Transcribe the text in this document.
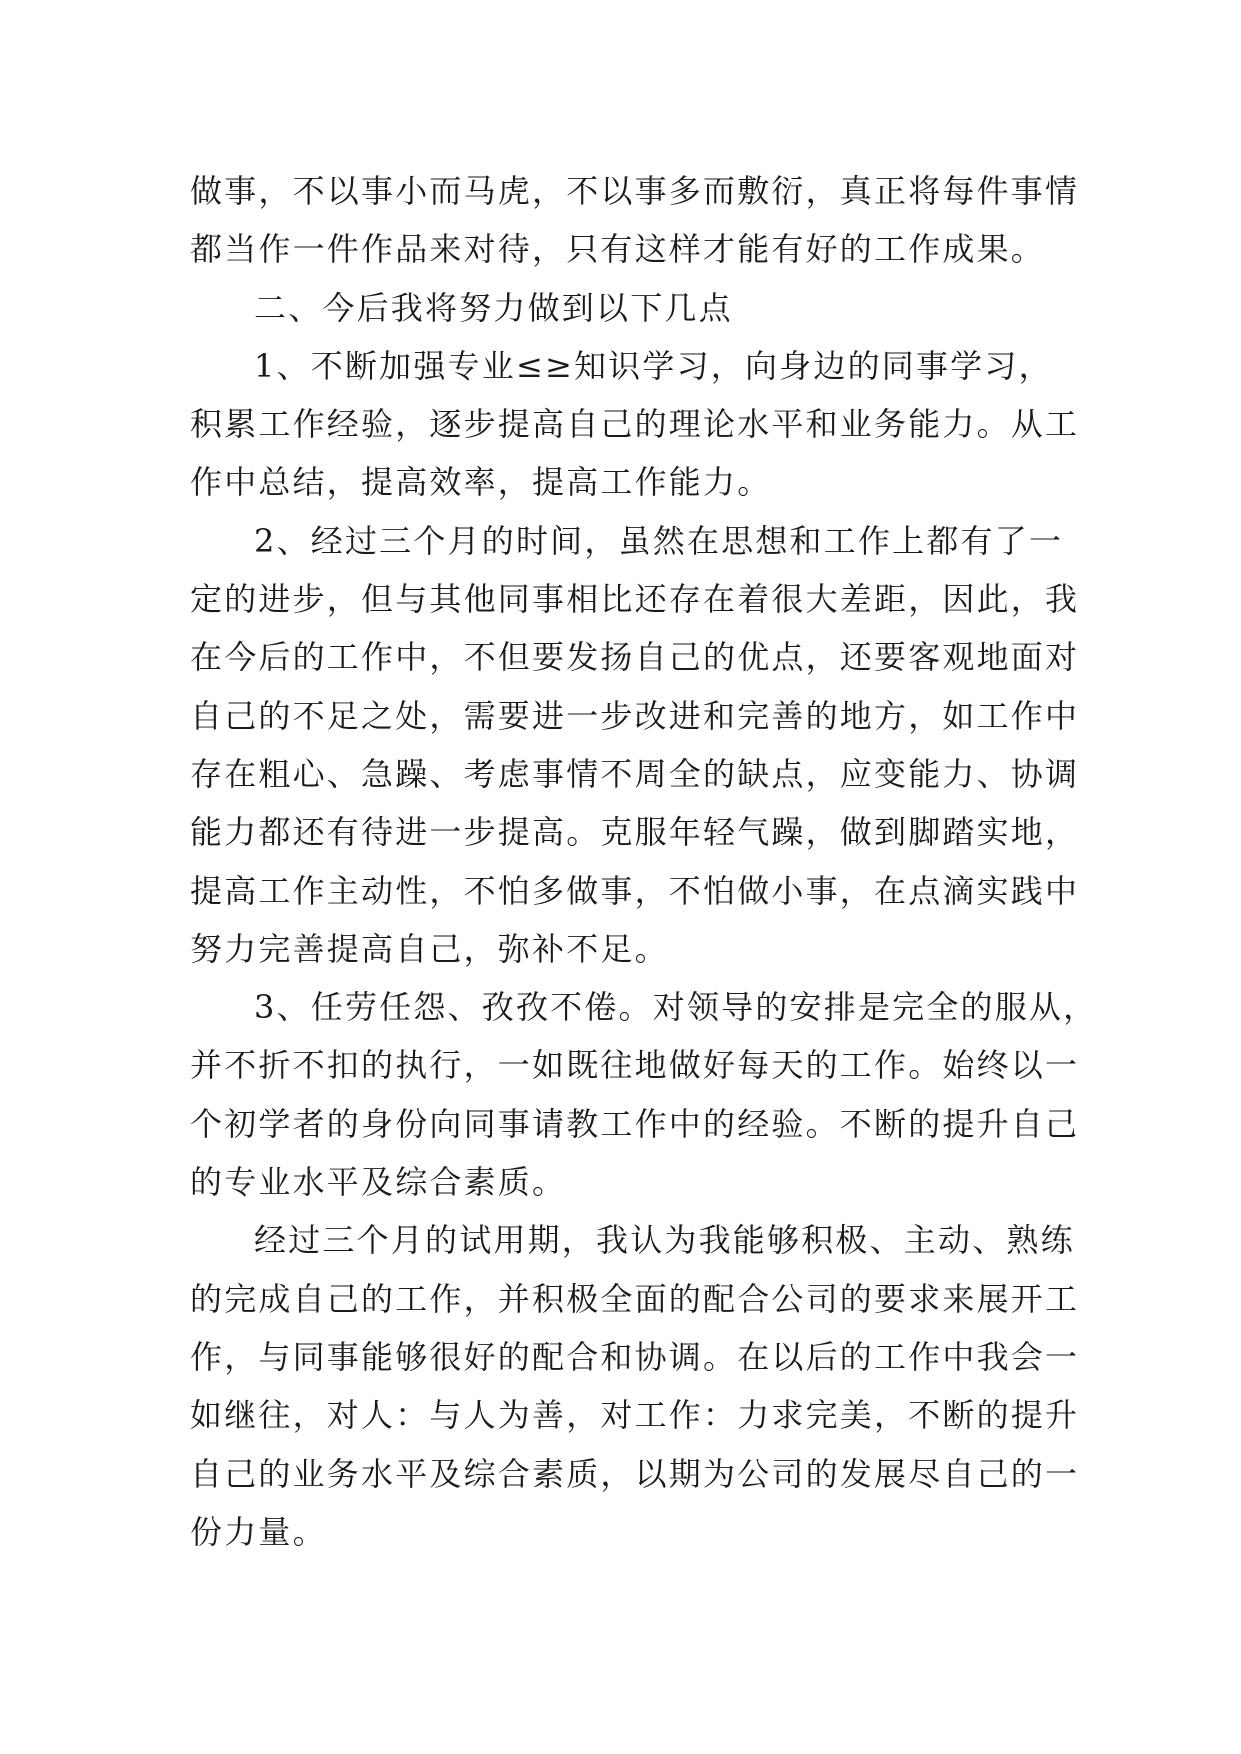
做事，不以事小而马虎，不以事多而敷衍，真正将每件事情
都当作一件作品来对待，只有这样才能有好的工作成果。
二、今后我将努力做到以下几点
1、不断加强专业≤≥知识学习，向身边的同事学习，
积累工作经验，逐步提高自己的理论水平和业务能力。从工
作中总结，提高效率，提高工作能力。
2、经过三个月的时间，虽然在思想和工作上都有了一
定的进步，但与其他同事相比还存在着很大差距，因此，我
在今后的工作中，不但要发扬自己的优点，还要客观地面对
自己的不足之处，需要进一步改进和完善的地方，如工作中
存在粗心、急躁、考虑事情不周全的缺点，应变能力、协调
能力都还有待进一步提高。克服年轻气躁，做到脚踏实地，
提高工作主动性，不怕多做事，不怕做小事，在点滴实践中
努力完善提高自己，弥补不足。
3、任劳任怨、孜孜不倦。对领导的安排是完全的服从，
并不折不扣的执行，一如既往地做好每天的工作。始终以一
个初学者的身份向同事请教工作中的经验。不断的提升自己
的专业水平及综合素质。
经过三个月的试用期，我认为我能够积极、主动、熟练
的完成自己的工作，并积极全面的配合公司的要求来展开工
作，与同事能够很好的配合和协调。在以后的工作中我会一
如继往，对人：与人为善，对工作：力求完美，不断的提升
自己的业务水平及综合素质，以期为公司的发展尽自己的一
份力量。
